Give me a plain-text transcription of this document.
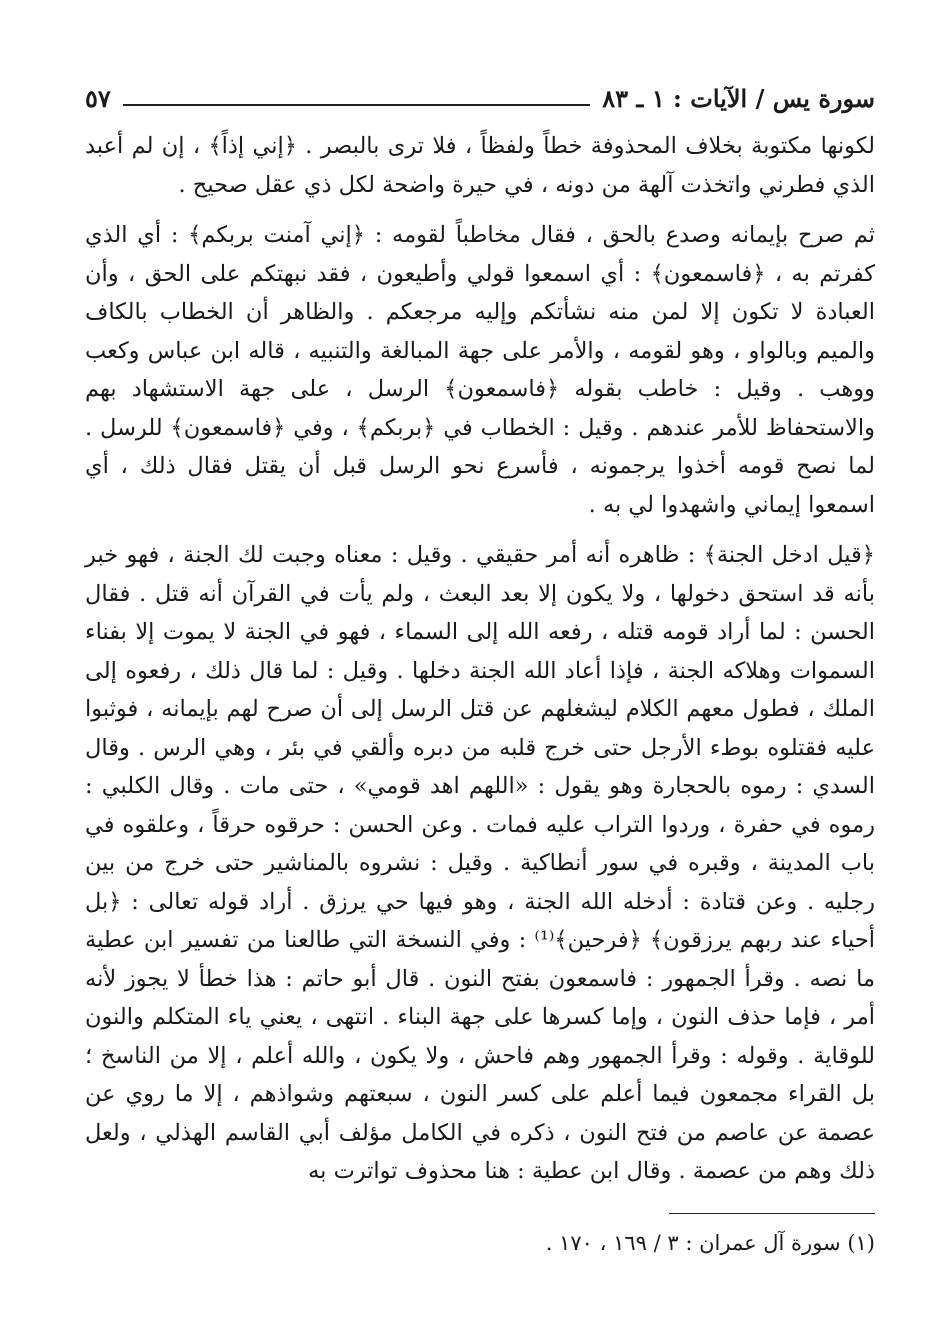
سورة يس / الآيات : ١ ـ ٨٣
٥٧

لكونها مكتوبة بخلاف المحذوفة خطاً ولفظاً ، فلا ترى بالبصر . ﴿إني إذاً﴾ ، إن لم أعبد الذي فطرني واتخذت آلهة من دونه ، في حيرة واضحة لكل ذي عقل صحيح .

ثم صرح بإيمانه وصدع بالحق ، فقال مخاطباً لقومه : ﴿إني آمنت بربكم﴾ : أي الذي كفرتم به ، ﴿فاسمعون﴾ : أي اسمعوا قولي وأطيعون ، فقد نبهتكم على الحق ، وأن العبادة لا تكون إلا لمن منه نشأتكم وإليه مرجعكم . والظاهر أن الخطاب بالكاف والميم وبالواو ، وهو لقومه ، والأمر على جهة المبالغة والتنبيه ، قاله ابن عباس وكعب ووهب . وقيل : خاطب بقوله ﴿فاسمعون﴾ الرسل ، على جهة الاستشهاد بهم والاستحفاظ للأمر عندهم . وقيل : الخطاب في ﴿بربكم﴾ ، وفي ﴿فاسمعون﴾ للرسل . لما نصح قومه أخذوا يرجمونه ، فأسرع نحو الرسل قبل أن يقتل فقال ذلك ، أي اسمعوا إيماني واشهدوا لي به .

﴿قيل ادخل الجنة﴾ : ظاهره أنه أمر حقيقي . وقيل : معناه وجبت لك الجنة ، فهو خبر بأنه قد استحق دخولها ، ولا يكون إلا بعد البعث ، ولم يأت في القرآن أنه قتل . فقال الحسن : لما أراد قومه قتله ، رفعه الله إلى السماء ، فهو في الجنة لا يموت إلا بفناء السموات وهلاكه الجنة ، فإذا أعاد الله الجنة دخلها . وقيل : لما قال ذلك ، رفعوه إلى الملك ، فطول معهم الكلام ليشغلهم عن قتل الرسل إلى أن صرح لهم بإيمانه ، فوثبوا عليه فقتلوه بوطء الأرجل حتى خرج قلبه من دبره وألقي في بئر ، وهي الرس . وقال السدي : رموه بالحجارة وهو يقول : «اللهم اهد قومي» ، حتى مات . وقال الكلبي : رموه في حفرة ، وردوا التراب عليه فمات . وعن الحسن : حرقوه حرقاً ، وعلقوه في باب المدينة ، وقبره في سور أنطاكية . وقيل : نشروه بالمناشير حتى خرج من بين رجليه . وعن قتادة : أدخله الله الجنة ، وهو فيها حي يرزق . أراد قوله تعالى : ﴿بل أحياء عند ربهم يرزقون﴾ ﴿فرحين﴾⁽¹⁾ : وفي النسخة التي طالعنا من تفسير ابن عطية ما نصه . وقرأ الجمهور : فاسمعون بفتح النون . قال أبو حاتم : هذا خطأ لا يجوز لأنه أمر ، فإما حذف النون ، وإما كسرها على جهة البناء . انتهى ، يعني ياء المتكلم والنون للوقاية . وقوله : وقرأ الجمهور وهم فاحش ، ولا يكون ، والله أعلم ، إلا من الناسخ ؛ بل القراء مجمعون فيما أعلم على كسر النون ، سبعتهم وشواذهم ، إلا ما روي عن عصمة عن عاصم من فتح النون ، ذكره في الكامل مؤلف أبي القاسم الهذلي ، ولعل ذلك وهم من عصمة . وقال ابن عطية : هنا محذوف تواترت به

(١) سورة آل عمران : ٣ / ١٦٩ ، ١٧٠ .
